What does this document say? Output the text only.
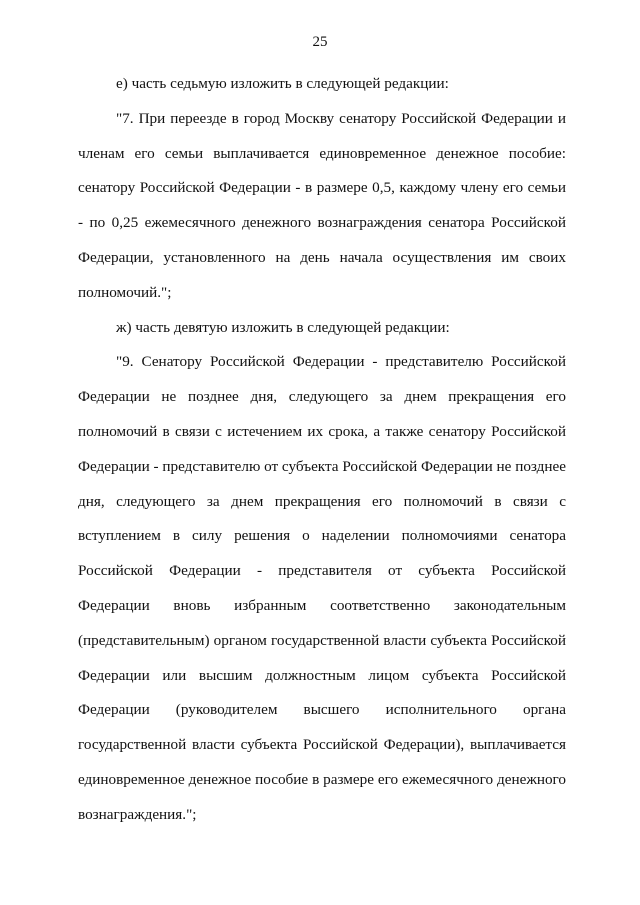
25

е) часть седьмую изложить в следующей редакции:

"7. При переезде в город Москву сенатору Российской Федерации и членам его семьи выплачивается единовременное денежное пособие: сенатору Российской Федерации - в размере 0,5, каждому члену его семьи - по 0,25 ежемесячного денежного вознаграждения сенатора Российской Федерации, установленного на день начала осуществления им своих полномочий.";

ж) часть девятую изложить в следующей редакции:

"9. Сенатору Российской Федерации - представителю Российской Федерации не позднее дня, следующего за днем прекращения его полномочий в связи с истечением их срока, а также сенатору Российской Федерации - представителю от субъекта Российской Федерации не позднее дня, следующего за днем прекращения его полномочий в связи с вступлением в силу решения о наделении полномочиями сенатора Российской Федерации - представителя от субъекта Российской Федерации вновь избранным соответственно законодательным (представительным) органом государственной власти субъекта Российской Федерации или высшим должностным лицом субъекта Российской Федерации (руководителем высшего исполнительного органа государственной власти субъекта Российской Федерации), выплачивается единовременное денежное пособие в размере его ежемесячного денежного вознаграждения.";
